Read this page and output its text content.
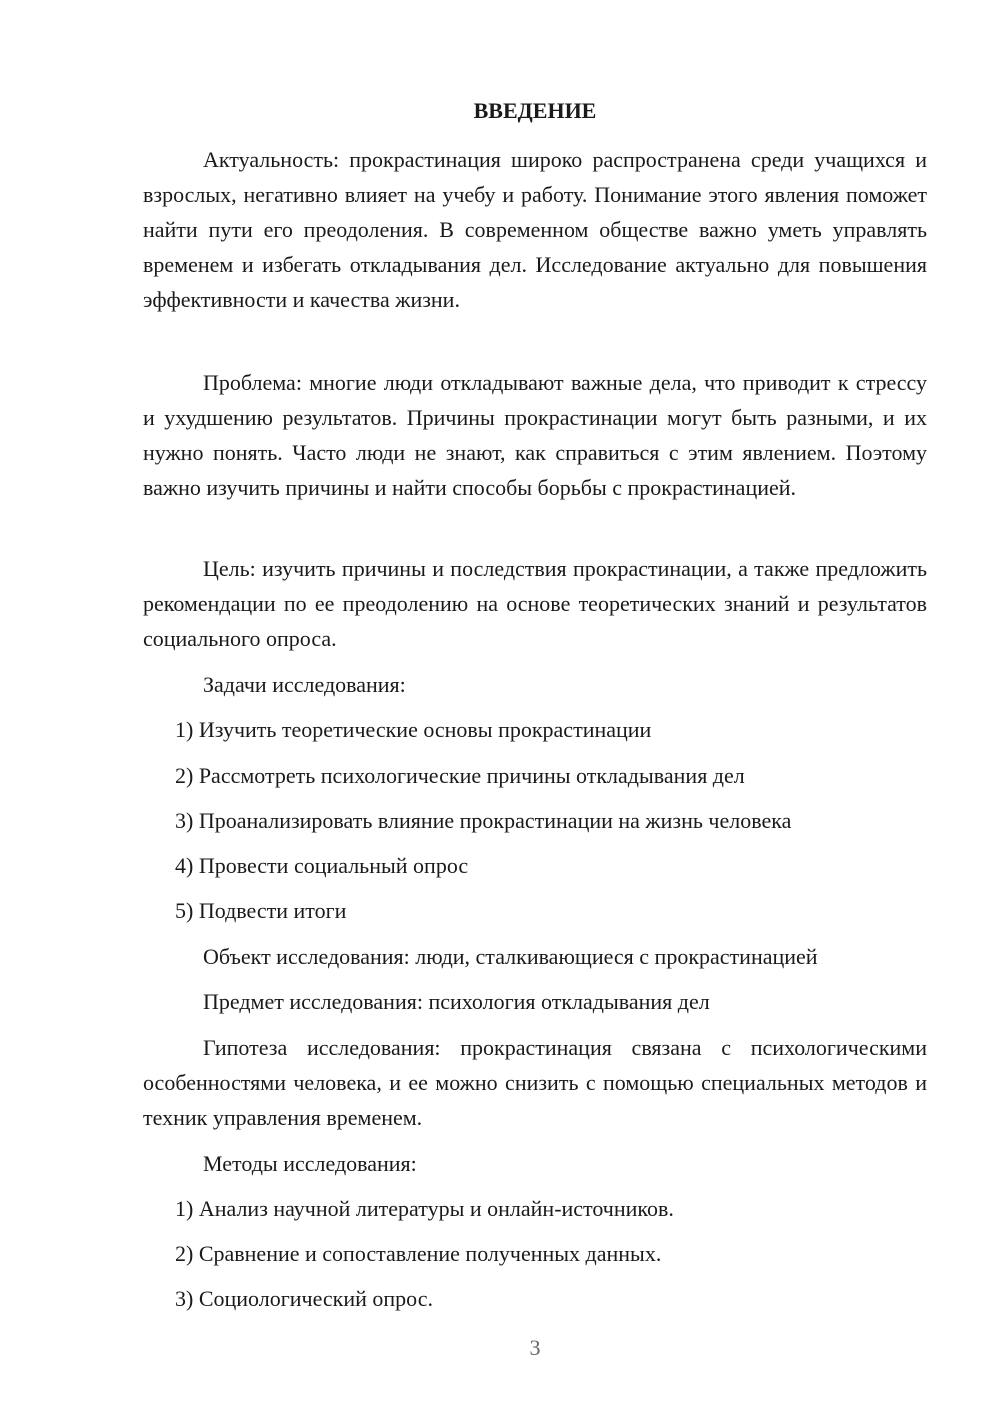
ВВЕДЕНИЕ

Актуальность: прокрастинация широко распространена среди учащихся и взрослых, негативно влияет на учебу и работу. Понимание этого явления поможет найти пути его преодоления. В современном обществе важно уметь управлять временем и избегать откладывания дел. Исследование актуально для повышения эффективности и качества жизни.

Проблема: многие люди откладывают важные дела, что приводит к стрессу и ухудшению результатов. Причины прокрастинации могут быть разными, и их нужно понять. Часто люди не знают, как справиться с этим явлением. Поэтому важно изучить причины и найти способы борьбы с прокрастинацией.

Цель: изучить причины и последствия прокрастинации, а также предложить рекомендации по ее преодолению на основе теоретических знаний и результатов социального опроса.

Задачи исследования:

1) Изучить теоретические основы прокрастинации

2) Рассмотреть психологические причины откладывания дел

3) Проанализировать влияние прокрастинации на жизнь человека

4) Провести социальный опрос

5) Подвести итоги

Объект исследования: люди, сталкивающиеся с прокрастинацией

Предмет исследования: психология откладывания дел

Гипотеза исследования: прокрастинация связана с психологическими особенностями человека, и ее можно снизить с помощью специальных методов и техник управления временем.

Методы исследования:

1) Анализ научной литературы и онлайн-источников.

2) Сравнение и сопоставление полученных данных.

3) Социологический опрос.

3
